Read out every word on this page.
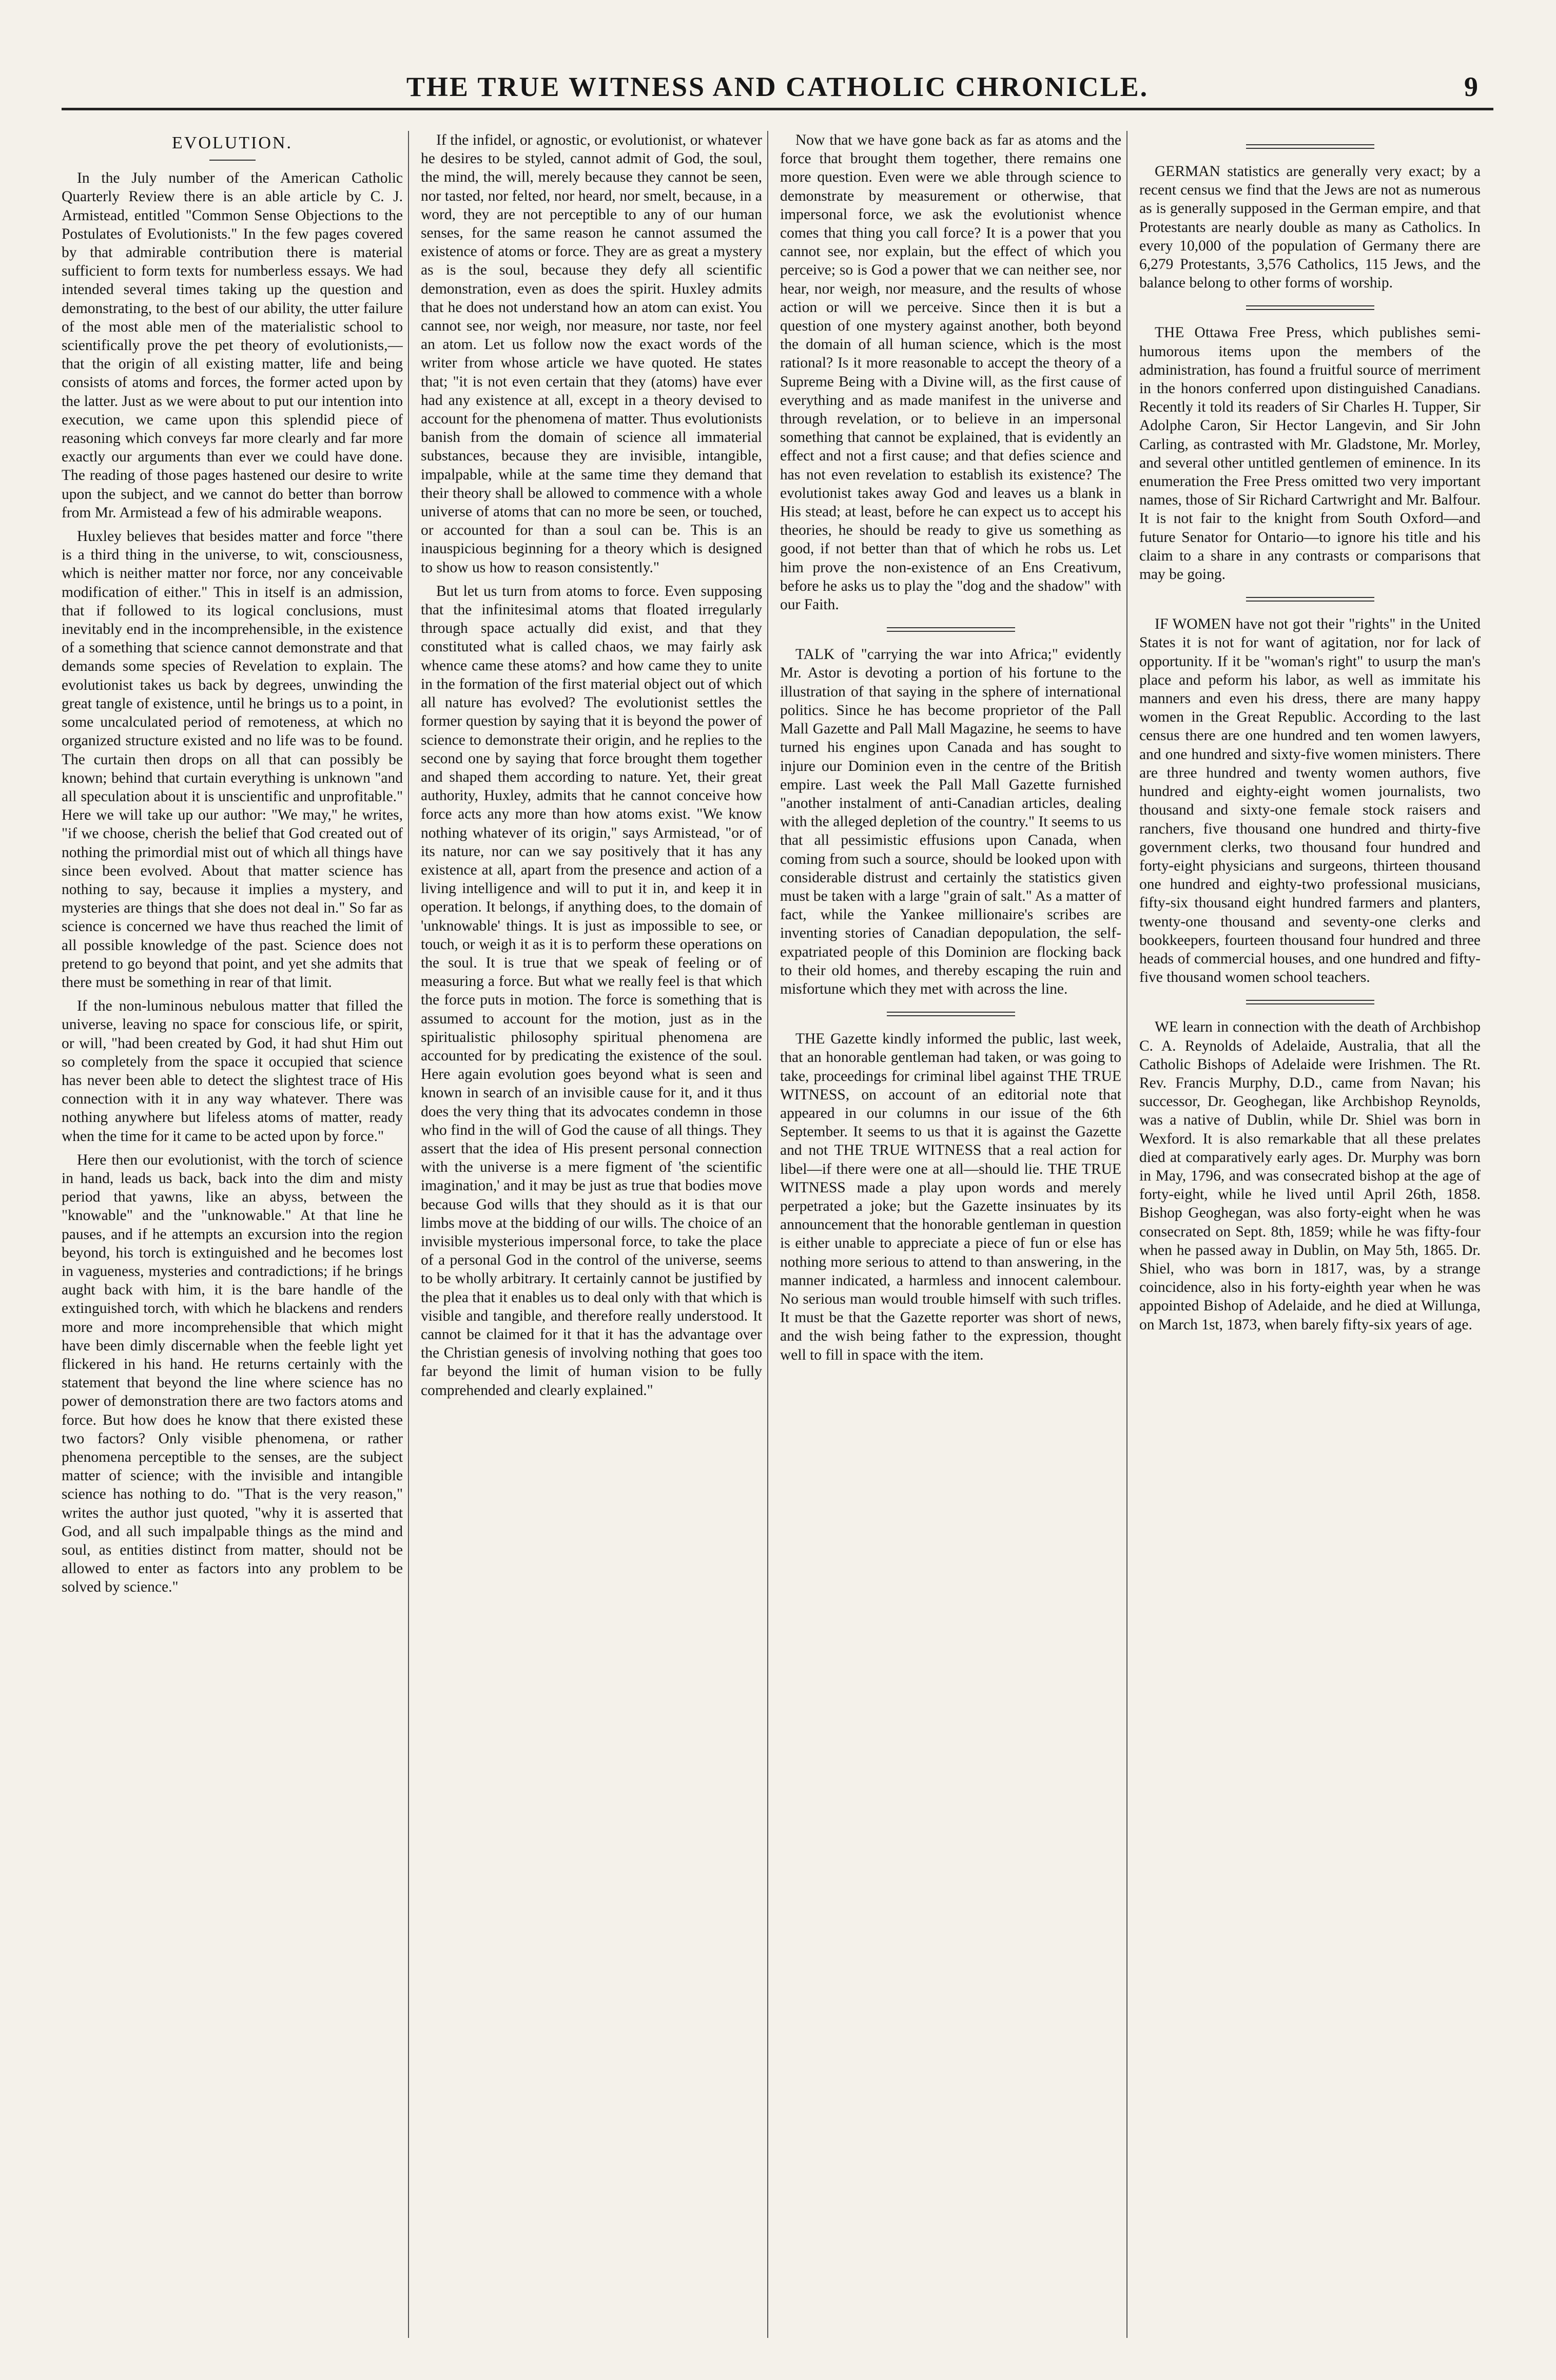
THE TRUE WITNESS AND CATHOLIC CHRONICLE.	9
EVOLUTION.

In the July number of the American Catholic Quarterly Review there is an able article by C. J. Armistead, entitled "Common Sense Objections to the Postulates of Evolutionists." In the few pages covered by that admirable contribution there is material sufficient to form texts for numberless essays. We had intended several times taking up the question and demonstrating, to the best of our ability, the utter failure of the most able men of the materialistic school to scientifically prove the pet theory of evolutionists,—that the origin of all existing matter, life and being consists of atoms and forces, the former acted upon by the latter. Just as we were about to put our intention into execution, we came upon this splendid piece of reasoning which conveys far more clearly and far more exactly our arguments than ever we could have done. The reading of those pages hastened our desire to write upon the subject, and we cannot do better than borrow from Mr. Armistead a few of his admirable weapons.

Huxley believes that besides matter and force "there is a third thing in the universe, to wit, consciousness, which is neither matter nor force, nor any conceivable modification of either." This in itself is an admission, that if followed to its logical conclusions, must inevitably end in the incomprehensible, in the existence of a something that science cannot demonstrate and that demands some species of Revelation to explain. The evolutionist takes us back by degrees, unwinding the great tangle of existence, until he brings us to a point, in some uncalculated period of remoteness, at which no organized structure existed and no life was to be found. The curtain then drops on all that can possibly be known; behind that curtain everything is unknown "and all speculation about it is unscientific and unprofitable." Here we will take up our author: "We may," he writes, "if we choose, cherish the belief that God created out of nothing the primordial mist out of which all things have since been evolved. About that matter science has nothing to say, because it implies a mystery, and mysteries are things that she does not deal in." So far as science is concerned we have thus reached the limit of all possible knowledge of the past. Science does not pretend to go beyond that point, and yet she admits that there must be something in rear of that limit.

If the non-luminous nebulous matter that filled the universe, leaving no space for conscious life, or spirit, or will, "had been created by God, it had shut Him out so completely from the space it occupied that science has never been able to detect the slightest trace of His connection with it in any way whatever. There was nothing anywhere but lifeless atoms of matter, ready when the time for it came to be acted upon by force."

Here then our evolutionist, with the torch of science in hand, leads us back, back into the dim and misty period that yawns, like an abyss, between the "knowable" and the "unknowable." At that line he pauses, and if he attempts an excursion into the region beyond, his torch is extinguished and he becomes lost in vagueness, mysteries and contradictions; if he brings aught back with him, it is the bare handle of the extinguished torch, with which he blackens and renders more and more incomprehensible that which might have been dimly discernable when the feeble light yet flickered in his hand. He returns certainly with the statement that beyond the line where science has no power of demonstration there are two factors atoms and force. But how does he know that there existed these two factors? Only visible phenomena, or rather phenomena perceptible to the senses, are the subject matter of science; with the invisible and intangible science has nothing to do. "That is the very reason," writes the author just quoted, "why it is asserted that God, and all such impalpable things as the mind and soul, as entities distinct from matter, should not be allowed to enter as factors into any problem to be solved by science."

If the infidel, or agnostic, or evolutionist, or whatever he desires to be styled, cannot admit of God, the soul, the mind, the will, merely because they cannot be seen, nor tasted, nor felted, nor heard, nor smelt, because, in a word, they are not perceptible to any of our human senses, for the same reason he cannot assumed the existence of atoms or force. They are as great a mystery as is the soul, because they defy all scientific demonstration, even as does the spirit. Huxley admits that he does not understand how an atom can exist. You cannot see, nor weigh, nor measure, nor taste, nor feel an atom. Let us follow now the exact words of the writer from whose article we have quoted. He states that; "it is not even certain that they (atoms) have ever had any existence at all, except in a theory devised to account for the phenomena of matter. Thus evolutionists banish from the domain of science all immaterial substances, because they are invisible, intangible, impalpable, while at the same time they demand that their theory shall be allowed to commence with a whole universe of atoms that can no more be seen, or touched, or accounted for than a soul can be. This is an inauspicious beginning for a theory which is designed to show us how to reason consistently."

But let us turn from atoms to force. Even supposing that the infinitesimal atoms that floated irregularly through space actually did exist, and that they constituted what is called chaos, we may fairly ask whence came these atoms? and how came they to unite in the formation of the first material object out of which all nature has evolved? The evolutionist settles the former question by saying that it is beyond the power of science to demonstrate their origin, and he replies to the second one by saying that force brought them together and shaped them according to nature. Yet, their great authority, Huxley, admits that he cannot conceive how force acts any more than how atoms exist. "We know nothing whatever of its origin," says Armistead, "or of its nature, nor can we say positively that it has any existence at all, apart from the presence and action of a living intelligence and will to put it in, and keep it in operation. It belongs, if anything does, to the domain of 'unknowable' things. It is just as impossible to see, or touch, or weigh it as it is to perform these operations on the soul. It is true that we speak of feeling or of measuring a force. But what we really feel is that which the force puts in motion. The force is something that is assumed to account for the motion, just as in the spiritualistic philosophy spiritual phenomena are accounted for by predicating the existence of the soul. Here again evolution goes beyond what is seen and known in search of an invisible cause for it, and it thus does the very thing that its advocates condemn in those who find in the will of God the cause of all things. They assert that the idea of His present personal connection with the universe is a mere figment of 'the scientific imagination,' and it may be just as true that bodies move because God wills that they should as it is that our limbs move at the bidding of our wills. The choice of an invisible mysterious impersonal force, to take the place of a personal God in the control of the universe, seems to be wholly arbitrary. It certainly cannot be justified by the plea that it enables us to deal only with that which is visible and tangible, and therefore really understood. It cannot be claimed for it that it has the advantage over the Christian genesis of involving nothing that goes too far beyond the limit of human vision to be fully comprehended and clearly explained."

Now that we have gone back as far as atoms and the force that brought them together, there remains one more question. Even were we able through science to demonstrate by measurement or otherwise, that impersonal force, we ask the evolutionist whence comes that thing you call force? It is a power that you cannot see, nor explain, but the effect of which you perceive; so is God a power that we can neither see, nor hear, nor weigh, nor measure, and the results of whose action or will we perceive. Since then it is but a question of one mystery against another, both beyond the domain of all human science, which is the most rational? Is it more reasonable to accept the theory of a Supreme Being with a Divine will, as the first cause of everything and as made manifest in the universe and through revelation, or to believe in an impersonal something that cannot be explained, that is evidently an effect and not a first cause; and that defies science and has not even revelation to establish its existence? The evolutionist takes away God and leaves us a blank in His stead; at least, before he can expect us to accept his theories, he should be ready to give us something as good, if not better than that of which he robs us. Let him prove the non-existence of an Ens Creativum, before he asks us to play the "dog and the shadow" with our Faith.

TALK of "carrying the war into Africa;" evidently Mr. Astor is devoting a portion of his fortune to the illustration of that saying in the sphere of international politics. Since he has become proprietor of the Pall Mall Gazette and Pall Mall Magazine, he seems to have turned his engines upon Canada and has sought to injure our Dominion even in the centre of the British empire. Last week the Pall Mall Gazette furnished "another instalment of anti-Canadian articles, dealing with the alleged depletion of the country." It seems to us that all pessimistic effusions upon Canada, when coming from such a source, should be looked upon with considerable distrust and certainly the statistics given must be taken with a large "grain of salt." As a matter of fact, while the Yankee millionaire's scribes are inventing stories of Canadian depopulation, the self-expatriated people of this Dominion are flocking back to their old homes, and thereby escaping the ruin and misfortune which they met with across the line.

THE Gazette kindly informed the public, last week, that an honorable gentleman had taken, or was going to take, proceedings for criminal libel against THE TRUE WITNESS, on account of an editorial note that appeared in our columns in our issue of the 6th September. It seems to us that it is against the Gazette and not THE TRUE WITNESS that a real action for libel—if there were one at all—should lie. THE TRUE WITNESS made a play upon words and merely perpetrated a joke; but the Gazette insinuates by its announcement that the honorable gentleman in question is either unable to appreciate a piece of fun or else has nothing more serious to attend to than answering, in the manner indicated, a harmless and innocent calembour. No serious man would trouble himself with such trifles. It must be that the Gazette reporter was short of news, and the wish being father to the expression, thought well to fill in space with the item.

GERMAN statistics are generally very exact; by a recent census we find that the Jews are not as numerous as is generally supposed in the German empire, and that Protestants are nearly double as many as Catholics. In every 10,000 of the population of Germany there are 6,279 Protestants, 3,576 Catholics, 115 Jews, and the balance belong to other forms of worship.

THE Ottawa Free Press, which publishes semi-humorous items upon the members of the administration, has found a fruitful source of merriment in the honors conferred upon distinguished Canadians. Recently it told its readers of Sir Charles H. Tupper, Sir Adolphe Caron, Sir Hector Langevin, and Sir John Carling, as contrasted with Mr. Gladstone, Mr. Morley, and several other untitled gentlemen of eminence. In its enumeration the Free Press omitted two very important names, those of Sir Richard Cartwright and Mr. Balfour. It is not fair to the knight from South Oxford—and future Senator for Ontario—to ignore his title and his claim to a share in any contrasts or comparisons that may be going.

IF WOMEN have not got their "rights" in the United States it is not for want of agitation, nor for lack of opportunity. If it be "woman's right" to usurp the man's place and peform his labor, as well as immitate his manners and even his dress, there are many happy women in the Great Republic. According to the last census there are one hundred and ten women lawyers, and one hundred and sixty-five women ministers. There are three hundred and twenty women authors, five hundred and eighty-eight women journalists, two thousand and sixty-one female stock raisers and ranchers, five thousand one hundred and thirty-five government clerks, two thousand four hundred and forty-eight physicians and surgeons, thirteen thousand one hundred and eighty-two professional musicians, fifty-six thousand eight hundred farmers and planters, twenty-one thousand and seventy-one clerks and bookkeepers, fourteen thousand four hundred and three heads of commercial houses, and one hundred and fifty-five thousand women school teachers.

WE learn in connection with the death of Archbishop C. A. Reynolds of Adelaide, Australia, that all the Catholic Bishops of Adelaide were Irishmen. The Rt. Rev. Francis Murphy, D.D., came from Navan; his successor, Dr. Geoghegan, like Archbishop Reynolds, was a native of Dublin, while Dr. Shiel was born in Wexford. It is also remarkable that all these prelates died at comparatively early ages. Dr. Murphy was born in May, 1796, and was consecrated bishop at the age of forty-eight, while he lived until April 26th, 1858. Bishop Geoghegan, was also forty-eight when he was consecrated on Sept. 8th, 1859; while he was fifty-four when he passed away in Dublin, on May 5th, 1865. Dr. Shiel, who was born in 1817, was, by a strange coincidence, also in his forty-eighth year when he was appointed Bishop of Adelaide, and he died at Willunga, on March 1st, 1873, when barely fifty-six years of age.
